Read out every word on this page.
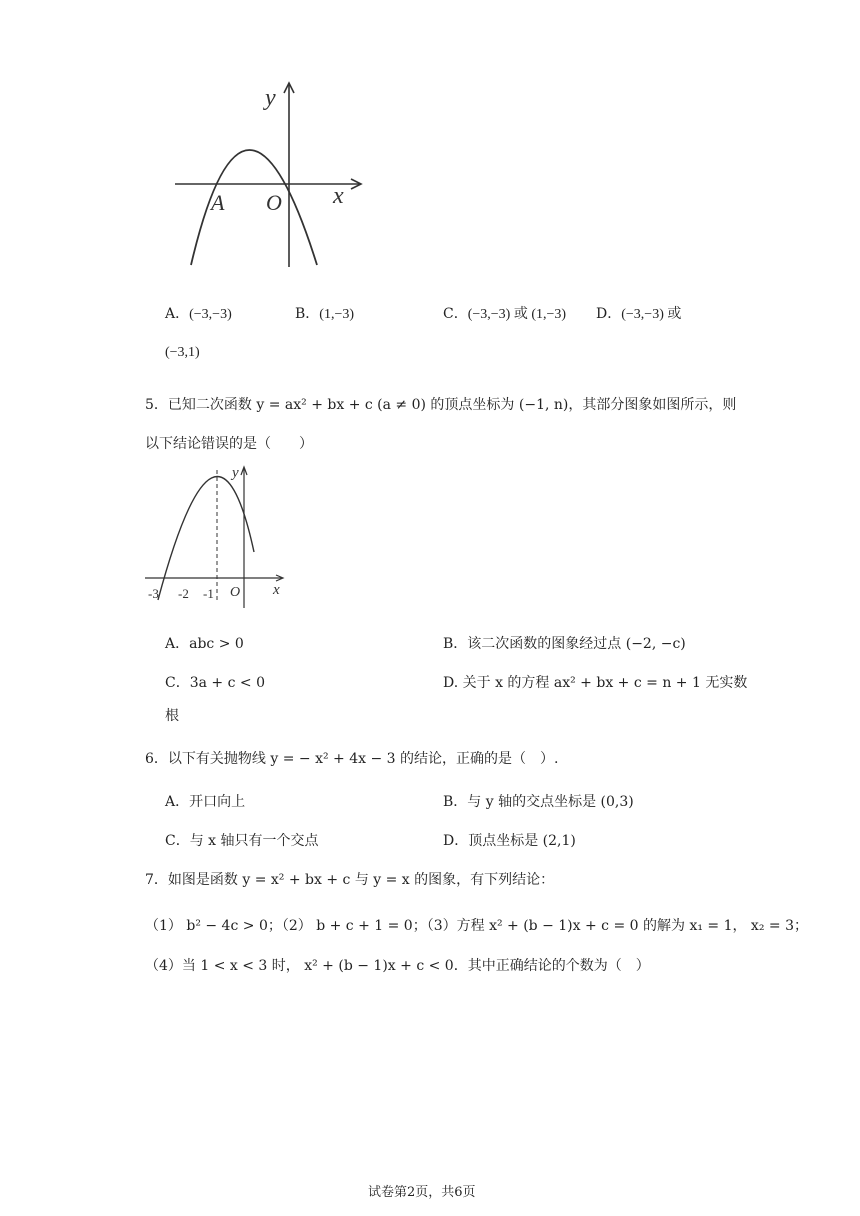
y
x
A O
A．(−3,−3)	B．(1,−3)	C．(−3,−3) 或 (1,−3) D．(−3,−3) 或
(−3,1)
5．已知二次函数 y = ax² + bx + c (a ≠ 0) 的顶点坐标为 (−1, n)，其部分图象如图所示，则
以下结论错误的是（　　）
y
x
O
-3 -2 -1
A．abc > 0	B．该二次函数的图象经过点 (−2, −c)
C．3a + c < 0	D. 关于 x 的方程 ax² + bx + c = n + 1 无实数
根
6．以下有关抛物线 y = − x² + 4x − 3 的结论，正确的是（　）.
A．开口向上	B．与 y 轴的交点坐标是 (0,3)
C．与 x 轴只有一个交点	D．顶点坐标是 (2,1)
7．如图是函数 y = x² + bx + c 与 y = x 的图象，有下列结论：
（1） b² − 4c > 0；（2） b + c + 1 = 0；（3）方程 x² + (b − 1)x + c = 0 的解为 x₁ = 1， x₂ = 3；
（4）当 1 < x < 3 时， x² + (b − 1)x + c < 0．其中正确结论的个数为（　）
试卷第2页，共6页
